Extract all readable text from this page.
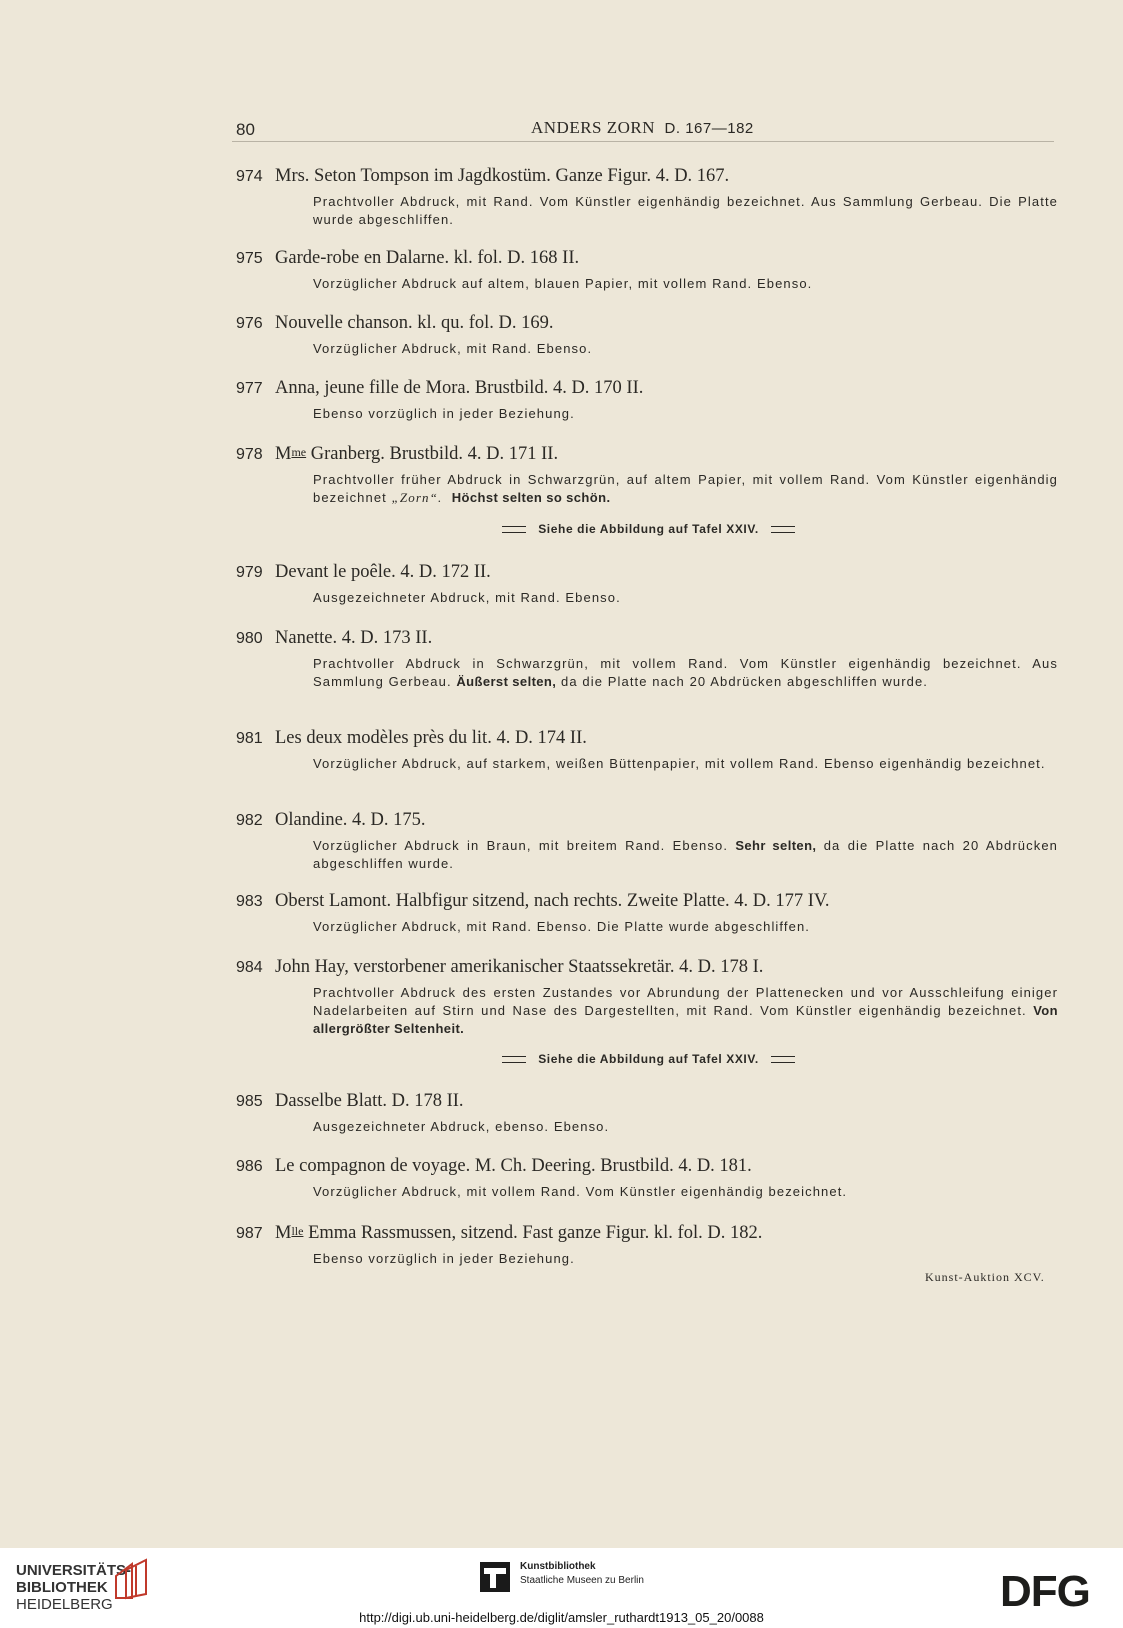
80	ANDERS ZORN D. 167—182
974 Mrs. Seton Tompson im Jagdkostüm. Ganze Figur. 4. D. 167.
Prachtvoller Abdruck, mit Rand. Vom Künstler eigenhändig bezeichnet. Aus Sammlung Gerbeau. Die Platte wurde abgeschliffen.
975 Garde-robe en Dalarne. kl. fol. D. 168 II.
Vorzüglicher Abdruck auf altem, blauen Papier, mit vollem Rand. Ebenso.
976 Nouvelle chanson. kl. qu. fol. D. 169.
Vorzüglicher Abdruck, mit Rand. Ebenso.
977 Anna, jeune fille de Mora. Brustbild. 4. D. 170 II.
Ebenso vorzüglich in jeder Beziehung.
978 $M^{me}$ Granberg. Brustbild. 4. D. 171 II.
Prachtvoller früher Abdruck in Schwarzgrün, auf altem Papier, mit vollem Rand. Vom Künstler eigenhändig bezeichnet „Zorn“. Höchst selten so schön.
Siehe die Abbildung auf Tafel XXIV.
979 Devant le poêle. 4. D. 172 II.
Ausgezeichneter Abdruck, mit Rand. Ebenso.
980 Nanette. 4. D. 173 II.
Prachtvoller Abdruck in Schwarzgrün, mit vollem Rand. Vom Künstler eigenhändig bezeichnet. Aus Sammlung Gerbeau. Äußerst selten, da die Platte nach 20 Abdrücken abgeschliffen wurde.
981 Les deux modèles près du lit. 4. D. 174 II.
Vorzüglicher Abdruck, auf starkem, weißen Büttenpapier, mit vollem Rand. Ebenso eigenhändig bezeichnet.
982 Olandine. 4. D. 175.
Vorzüglicher Abdruck in Braun, mit breitem Rand. Ebenso. Sehr selten, da die Platte nach 20 Abdrücken abgeschliffen wurde.
983 Oberst Lamont. Halbfigur sitzend, nach rechts. Zweite Platte. 4. D. 177 IV.
Vorzüglicher Abdruck, mit Rand. Ebenso. Die Platte wurde abgeschliffen.
984 John Hay, verstorbener amerikanischer Staatssekretär. 4. D. 178 I.
Prachtvoller Abdruck des ersten Zustandes vor Abrundung der Plattenecken und vor Ausschleifung einiger Nadelarbeiten auf Stirn und Nase des Dargestellten, mit Rand. Vom Künstler eigenhändig bezeichnet. Von allergrößter Seltenheit.
Siehe die Abbildung auf Tafel XXIV.
985 Dasselbe Blatt. D. 178 II.
Ausgezeichneter Abdruck, ebenso. Ebenso.
986 Le compagnon de voyage. M. Ch. Deering. Brustbild. 4. D. 181.
Vorzüglicher Abdruck, mit vollem Rand. Vom Künstler eigenhändig bezeichnet.
987 $M^{lle}$ Emma Rassmussen, sitzend. Fast ganze Figur. kl. fol. D. 182.
Ebenso vorzüglich in jeder Beziehung.
Kunst-Auktion XCV.
UNIVERSITÄTS-
BIBLIOTHEK
HEIDELBERG
Kunstbibliothek
Staatliche Museen zu Berlin	DFG
http://digi.ub.uni-heidelberg.de/diglit/amsler_ruthardt1913_05_20/0088
